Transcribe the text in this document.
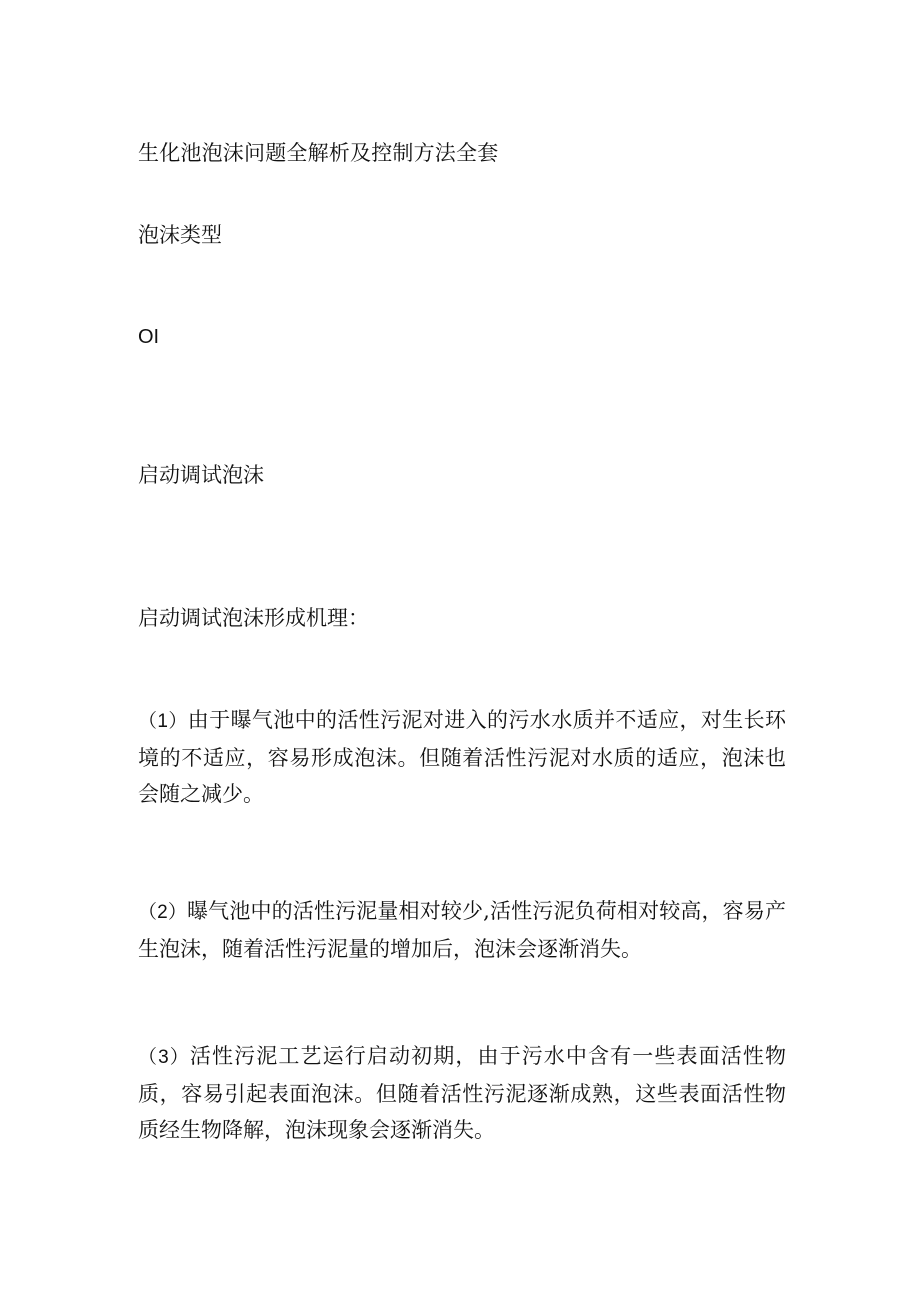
生化池泡沫问题全解析及控制方法全套
泡沫类型
OI
启动调试泡沫
启动调试泡沫形成机理：
（1）由于曝气池中的活性污泥对进入的污水水质并不适应，对生长环境的不适应，容易形成泡沫。但随着活性污泥对水质的适应，泡沫也会随之减少。
（2）曝气池中的活性污泥量相对较少,活性污泥负荷相对较高，容易产生泡沫，随着活性污泥量的增加后，泡沫会逐渐消失。
（3）活性污泥工艺运行启动初期，由于污水中含有一些表面活性物质，容易引起表面泡沫。但随着活性污泥逐渐成熟，这些表面活性物质经生物降解，泡沫现象会逐渐消失。
